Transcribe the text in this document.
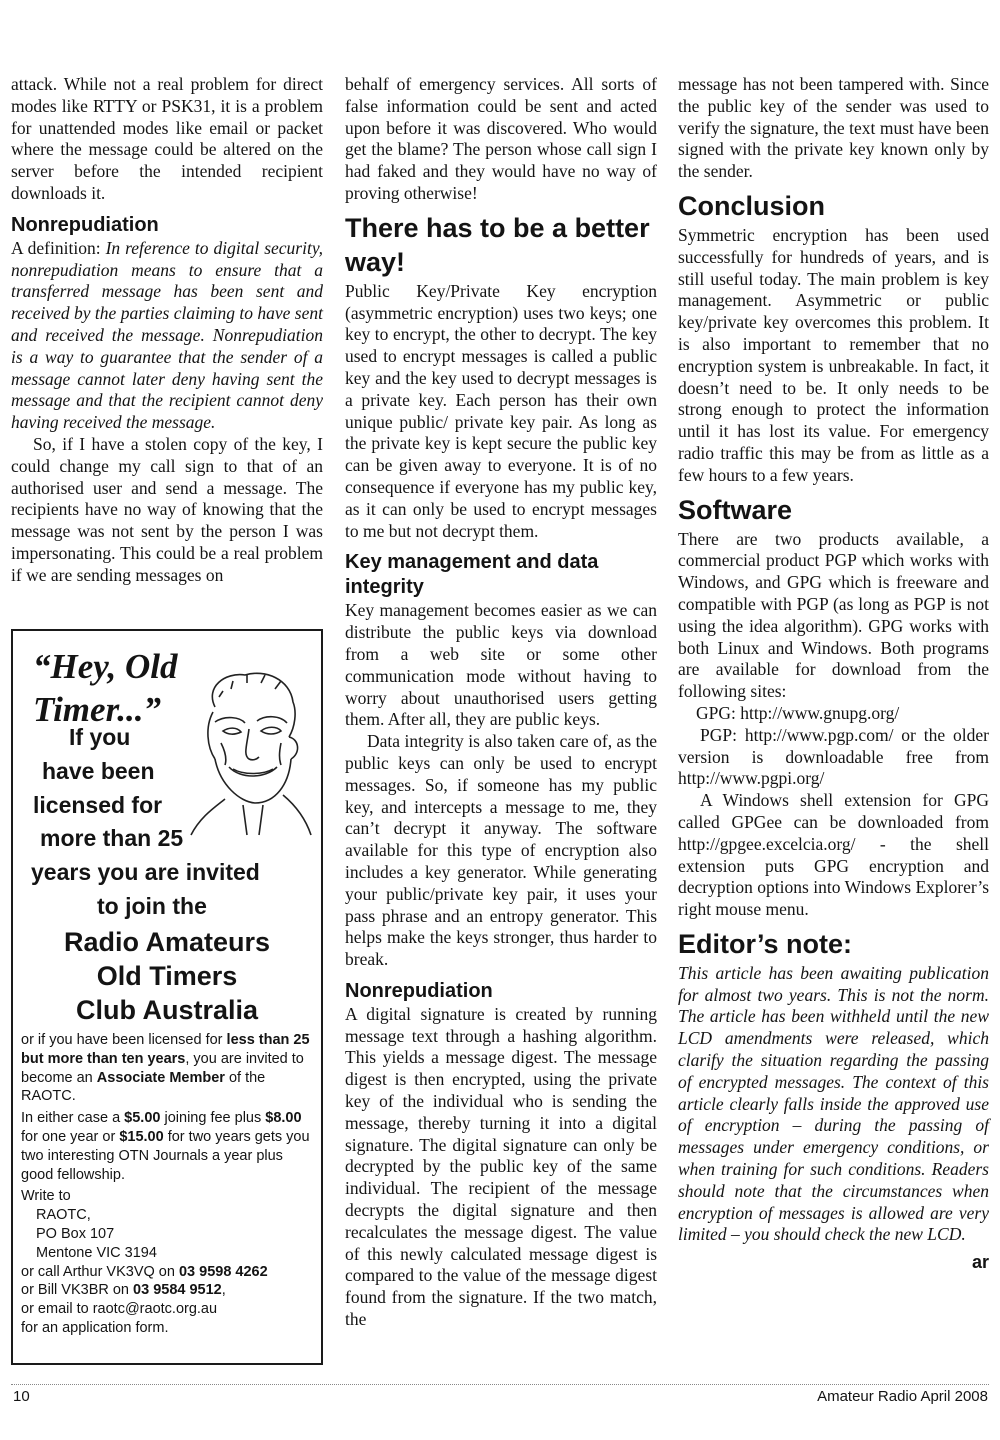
attack. While not a real problem for direct modes like RTTY or PSK31, it is a problem for unattended modes like email or packet where the message could be altered on the server before the intended recipient downloads it.

Nonrepudiation

A definition: In reference to digital security, nonrepudiation means to ensure that a transferred message has been sent and received by the parties claiming to have sent and received the message. Nonrepudiation is a way to guarantee that the sender of a message cannot later deny having sent the message and that the recipient cannot deny having received the message.

So, if I have a stolen copy of the key, I could change my call sign to that of an authorised user and send a message. The recipients have no way of knowing that the message was not sent by the person I was impersonating. This could be a real problem if we are sending messages on

“Hey, Old
Timer...”
If you
have been
licensed for
more than 25
years you are invited
to join the
Radio Amateurs
Old Timers
Club Australia

or if you have been licensed for less than 25 but more than ten years, you are invited to become an Associate Member of the RAOTC.

In either case a $5.00 joining fee plus $8.00 for one year or $15.00 for two years gets you two interesting OTN Journals a year plus good fellowship.

Write to

RAOTC,

PO Box 107

Mentone VIC 3194

or call Arthur VK3VQ on 03 9598 4262

or Bill VK3BR on 03 9584 9512,

or email to raotc@raotc.org.au

for an application form.

behalf of emergency services. All sorts of false information could be sent and acted upon before it was discovered. Who would get the blame? The person whose call sign I had faked and they would have no way of proving otherwise!

There has to be a better way!

Public Key/Private Key encryption (asymmetric encryption) uses two keys; one key to encrypt, the other to decrypt. The key used to encrypt messages is called a public key and the key used to decrypt messages is a private key. Each person has their own unique public/ private key pair. As long as the private key is kept secure the public key can be given away to everyone. It is of no consequence if everyone has my public key, as it can only be used to encrypt messages to me but not decrypt them.

Key management and data integrity

Key management becomes easier as we can distribute the public keys via download from a web site or some other communication mode without having to worry about unauthorised users getting them. After all, they are public keys.

Data integrity is also taken care of, as the public keys can only be used to encrypt messages. So, if someone has my public key, and intercepts a message to me, they can’t decrypt it anyway. The software available for this type of encryption also includes a key generator. While generating your public/private key pair, it uses your pass phrase and an entropy generator. This helps make the keys stronger, thus harder to break.

Nonrepudiation

A digital signature is created by running message text through a hashing algorithm. This yields a message digest. The message digest is then encrypted, using the private key of the individual who is sending the message, thereby turning it into a digital signature. The digital signature can only be decrypted by the public key of the same individual. The recipient of the message decrypts the digital signature and then recalculates the message digest. The value of this newly calculated message digest is compared to the value of the message digest found from the signature. If the two match, the

message has not been tampered with. Since the public key of the sender was used to verify the signature, the text must have been signed with the private key known only by the sender.

Conclusion

Symmetric encryption has been used successfully for hundreds of years, and is still useful today. The main problem is key management. Asymmetric or public key/private key overcomes this problem. It is also important to remember that no encryption system is unbreakable. In fact, it doesn’t need to be. It only needs to be strong enough to protect the information until it has lost its value. For emergency radio traffic this may be from as little as a few hours to a few years.

Software

There are two products available, a commercial product PGP which works with Windows, and GPG which is freeware and compatible with PGP (as long as PGP is not using the idea algorithm). GPG works with both Linux and Windows. Both programs are available for download from the following sites:

GPG: http://www.gnupg.org/

PGP: http://www.pgp.com/ or the older version is downloadable free from http://www.pgpi.org/

A Windows shell extension for GPG called GPGee can be downloaded from http://gpgee.excelcia.org/ - the shell extension puts GPG encryption and decryption options into Windows Explorer’s right mouse menu.

Editor’s note:

This article has been awaiting publication for almost two years. This is not the norm. The article has been withheld until the new LCD amendments were released, which clarify the situation regarding the passing of encrypted messages. The context of this article clearly falls inside the approved use of encryption – during the passing of messages under emergency conditions, or when training for such conditions. Readers should note that the circumstances when encryption of messages is allowed are very limited – you should check the new LCD.

ar
10	Amateur Radio April 2008
